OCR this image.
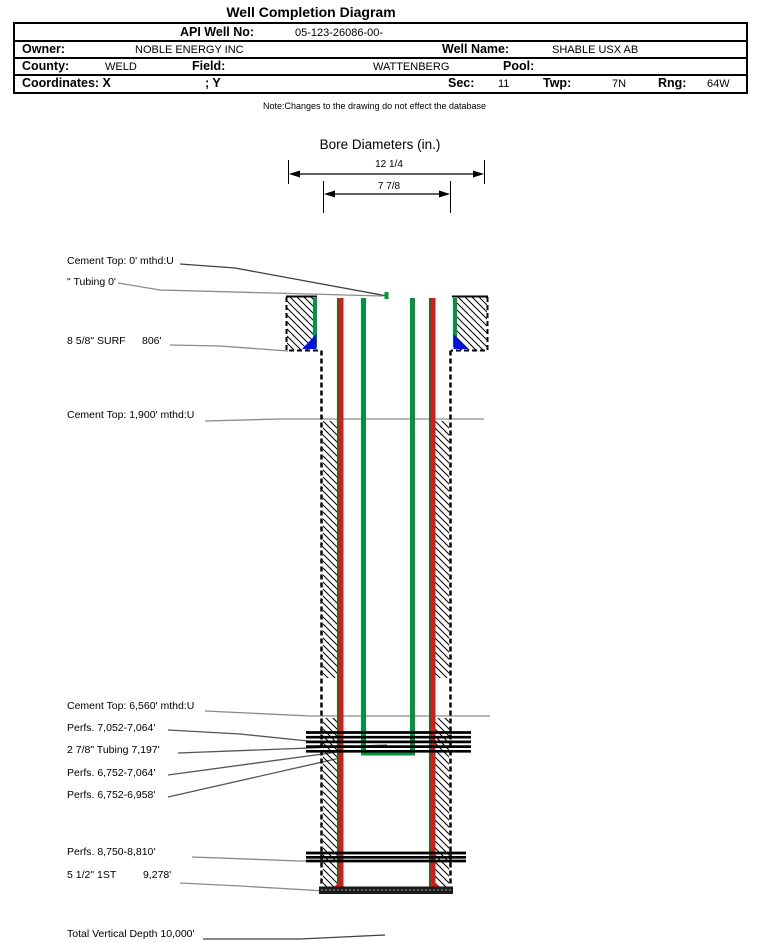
Well Completion Diagram
API Well No:	05-123-26086-00-
Owner:	NOBLE ENERGY INC	Well Name:	SHABLE USX AB
County:	WELD	Field:	WATTENBERG	Pool:
Coordinates: X	; Y	Sec: 11	Twp:	7N	Rng: 64W
Note:Changes to the drawing do not effect the database
Bore Diameters (in.)
12 1/4
7 7/8
Cement Top: 0' mthd:U
" Tubing 0'
8 5/8" SURF 806'
Cement Top: 1,900' mthd:U
Cement Top: 6,560' mthd:U
Perfs. 7,052-7,064'
2 7/8" Tubing 7,197'
Perfs. 6,752-7,064'
Perfs. 6,752-6,958'
Perfs. 8,750-8,810'
5 1/2" 1ST	9,278'
Total Vertical Depth 10,000'
